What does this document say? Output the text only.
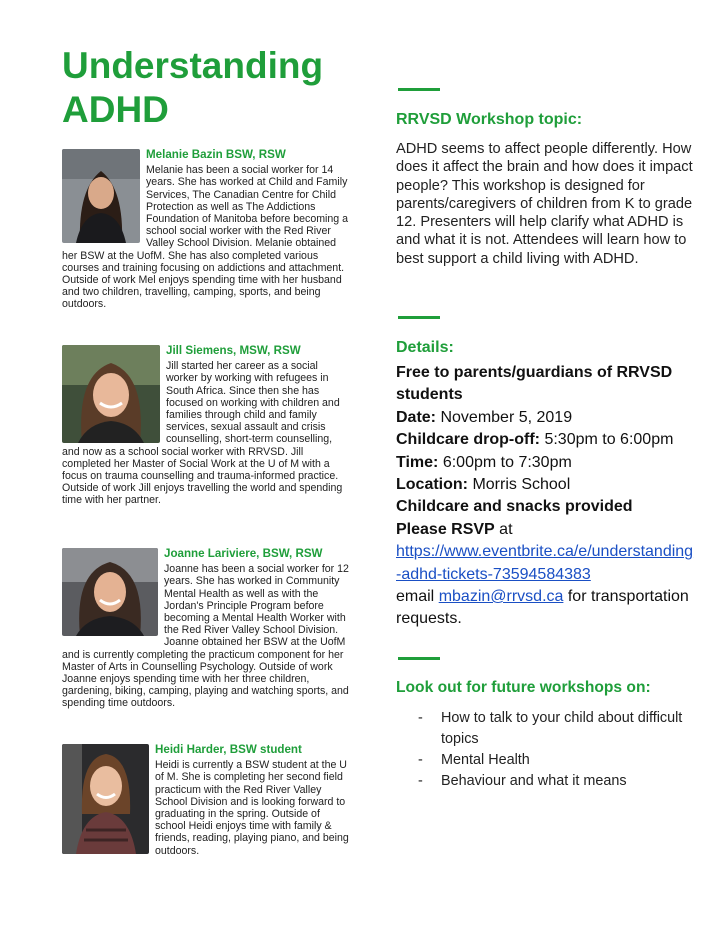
Understanding
ADHD
Melanie Bazin BSW, RSW
Melanie has been a social worker for 14 years. She has worked at Child and Family Services, The Canadian Centre for Child Protection as well as The Addictions Foundation of Manitoba before becoming a school social worker with the Red River Valley School Division. Melanie obtained her BSW at the UofM. She has also completed various courses and training focusing on addictions and attachment. Outside of work Mel enjoys spending time with her husband and two children, travelling, camping, sports, and being outdoors.
Jill Siemens, MSW, RSW
Jill started her career as a social worker by working with refugees in South Africa. Since then she has focused on working with children and families through child and family services, sexual assault and crisis counselling, short-term counselling, and now as a school social worker with RRVSD. Jill completed her Master of Social Work at the U of M with a focus on trauma counselling and trauma-informed practice. Outside of work Jill enjoys travelling the world and spending time with her partner.
Joanne Lariviere, BSW, RSW
Joanne has been a social worker for 12 years. She has worked in Community Mental Health as well as with the Jordan's Principle Program before becoming a Mental Health Worker with the Red River Valley School Division. Joanne obtained her BSW at the UofM and is currently completing the practicum component for her Master of Arts in Counselling Psychology. Outside of work Joanne enjoys spending time with her three children, gardening, biking, camping, playing and watching sports, and spending time outdoors.
Heidi Harder, BSW student
Heidi is currently a BSW student at the U of M. She is completing her second field practicum with the Red River Valley School Division and is looking forward to graduating in the spring. Outside of school Heidi enjoys time with family & friends, reading, playing piano, and being outdoors.
RRVSD Workshop topic:
ADHD seems to affect people differently. How does it affect the brain and how does it impact people? This workshop is designed for parents/caregivers of children from K to grade 12. Presenters will help clarify what ADHD is and what it is not. Attendees will learn how to best support a child living with ADHD.
Details:
Free to parents/guardians of RRVSD students
Date: November 5, 2019
Childcare drop-off: 5:30pm to 6:00pm
Time: 6:00pm to 7:30pm
Location: Morris School
Childcare and snacks provided
Please RSVP at
https://www.eventbrite.ca/e/understanding-adhd-tickets-73594584383
email mbazin@rrvsd.ca for transportation requests.
Look out for future workshops on:
- How to talk to your child about difficult topics
- Mental Health
- Behaviour and what it means
